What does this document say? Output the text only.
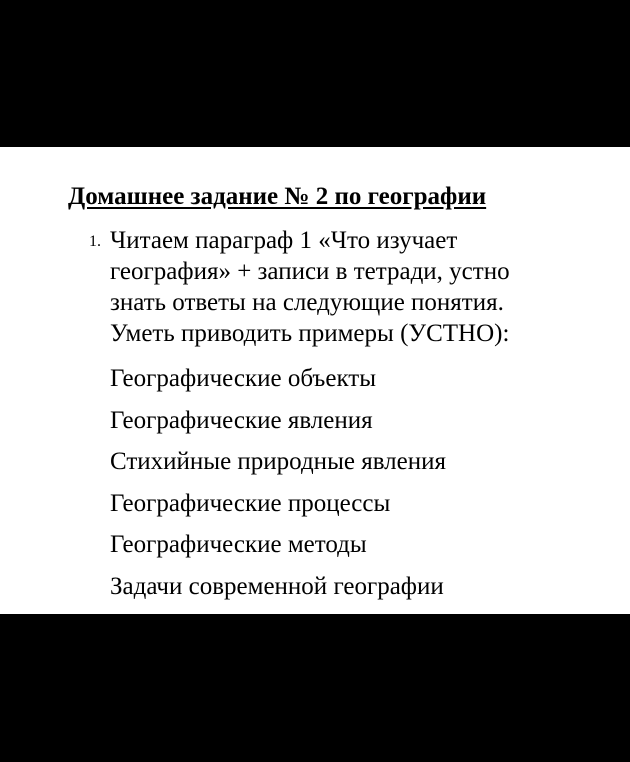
Домашнее задание № 2 по географии
1. Читаем параграф 1 «Что изучает
география» + записи в тетради, устно
знать ответы на следующие понятия.
Уметь приводить примеры (УСТНО):

Географические объекты
Географические явления
Стихийные природные явления
Географические процессы
Географические методы
Задачи современной географии
